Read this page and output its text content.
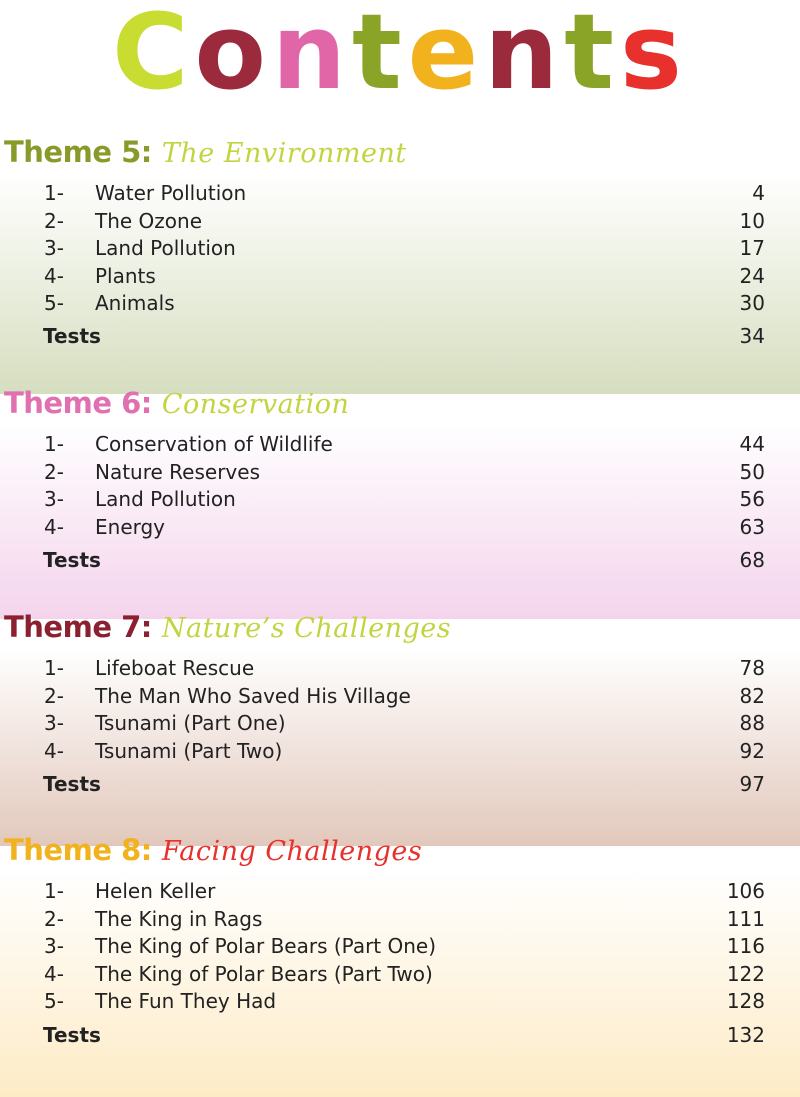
Contents
Theme 5: The Environment
1- Water Pollution	4
2- The Ozone	10
3- Land Pollution	17
4- Plants	24
5- Animals	30
Tests	34
Theme 6: Conservation
1- Conservation of Wildlife	44
2- Nature Reserves	50
3- Land Pollution	56
4- Energy	63
Tests	68
Theme 7: Nature’s Challenges
1- Lifeboat Rescue	78
2- The Man Who Saved His Village	82
3- Tsunami (Part One)	88
4- Tsunami (Part Two)	92
Tests	97
Theme 8: Facing Challenges
1- Helen Keller	106
2- The King in Rags	111
3- The King of Polar Bears (Part One)	116
4- The King of Polar Bears (Part Two)	122
5- The Fun They Had	128
Tests	132
